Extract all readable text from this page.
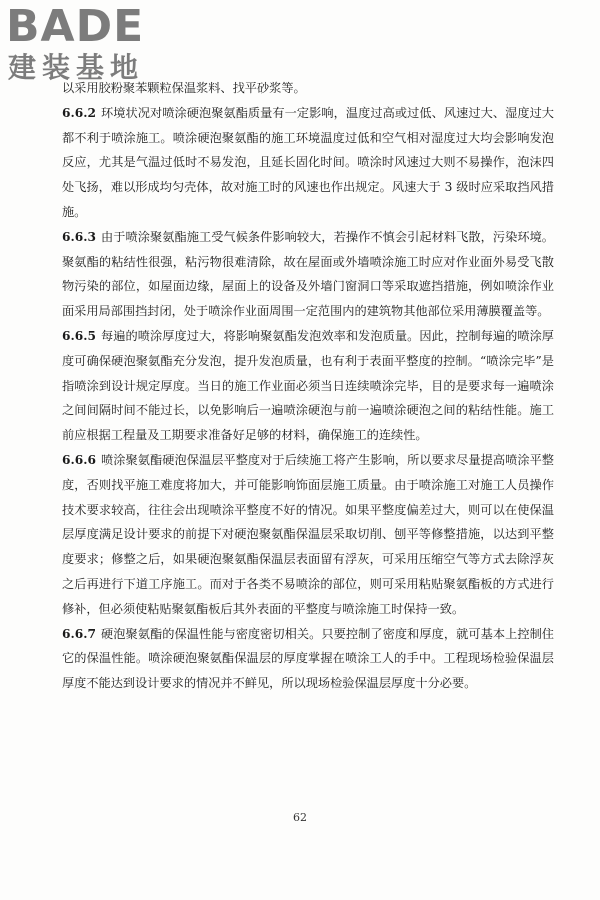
BADE
建装基地

以采用胶粉聚苯颗粒保温浆料、找平砂浆等。

6.6.2 环境状况对喷涂硬泡聚氨酯质量有一定影响，温度过高或过低、风速过大、湿度过大都不利于喷涂施工。喷涂硬泡聚氨酯的施工环境温度过低和空气相对湿度过大均会影响发泡反应，尤其是气温过低时不易发泡，且延长固化时间。喷涂时风速过大则不易操作，泡沫四处飞扬，难以形成均匀壳体，故对施工时的风速也作出规定。风速大于 3 级时应采取挡风措施。

6.6.3 由于喷涂聚氨酯施工受气候条件影响较大，若操作不慎会引起材料飞散，污染环境。聚氨酯的粘结性很强，粘污物很难清除，故在屋面或外墙喷涂施工时应对作业面外易受飞散物污染的部位，如屋面边缘，屋面上的设备及外墙门窗洞口等采取遮挡措施，例如喷涂作业面采用局部围挡封闭，处于喷涂作业面周围一定范围内的建筑物其他部位采用薄膜覆盖等。

6.6.5 每遍的喷涂厚度过大，将影响聚氨酯发泡效率和发泡质量。因此，控制每遍的喷涂厚度可确保硬泡聚氨酯充分发泡，提升发泡质量，也有利于表面平整度的控制。“喷涂完毕”是指喷涂到设计规定厚度。当日的施工作业面必须当日连续喷涂完毕，目的是要求每一遍喷涂之间间隔时间不能过长，以免影响后一遍喷涂硬泡与前一遍喷涂硬泡之间的粘结性能。施工前应根据工程量及工期要求准备好足够的材料，确保施工的连续性。

6.6.6 喷涂聚氨酯硬泡保温层平整度对于后续施工将产生影响，所以要求尽量提高喷涂平整度，否则找平施工难度将加大，并可能影响饰面层施工质量。由于喷涂施工对施工人员操作技术要求较高，往往会出现喷涂平整度不好的情况。如果平整度偏差过大，则可以在使保温层厚度满足设计要求的前提下对硬泡聚氨酯保温层采取切削、刨平等修整措施，以达到平整度要求；修整之后，如果硬泡聚氨酯保温层表面留有浮灰，可采用压缩空气等方式去除浮灰之后再进行下道工序施工。而对于各类不易喷涂的部位，则可采用粘贴聚氨酯板的方式进行修补，但必须使粘贴聚氨酯板后其外表面的平整度与喷涂施工时保持一致。

6.6.7 硬泡聚氨酯的保温性能与密度密切相关。只要控制了密度和厚度，就可基本上控制住它的保温性能。喷涂硬泡聚氨酯保温层的厚度掌握在喷涂工人的手中。工程现场检验保温层厚度不能达到设计要求的情况并不鲜见，所以现场检验保温层厚度十分必要。

62
